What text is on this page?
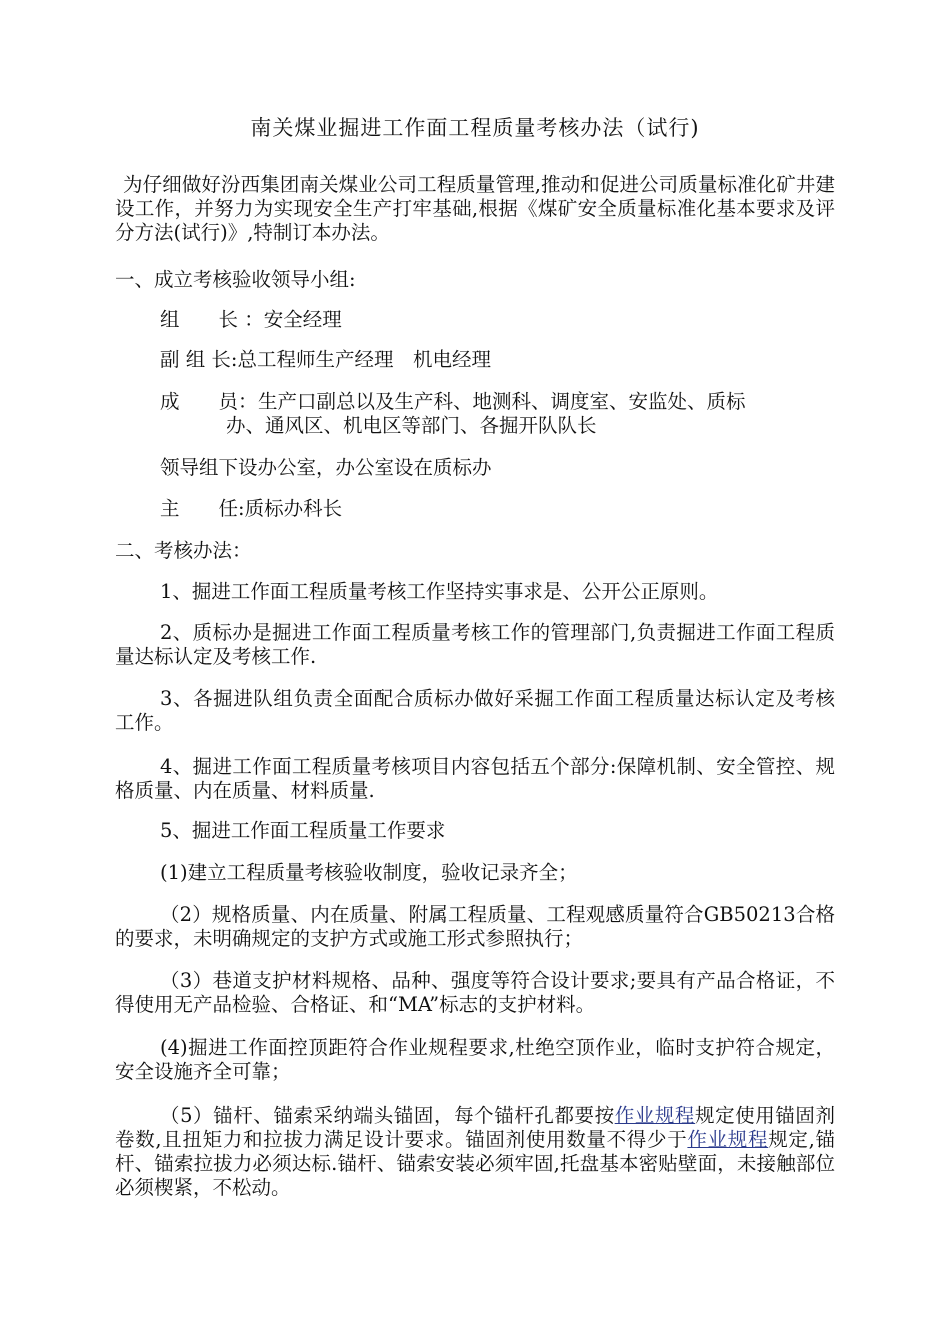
南关煤业掘进工作面工程质量考核办法（试行)
为仔细做好汾西集团南关煤业公司工程质量管理,推动和促进公司质量标准化矿井建设工作，并努力为实现安全生产打牢基础,根据《煤矿安全质量标准化基本要求及评分方法(试行)》,特制订本办法。
一、成立考核验收领导小组:
组　　长 ：安全经理
副 组 长:总工程师生产经理　机电经理
成　　员： 生产口副总以及生产科、地测科、调度室、安监处、质标
办、通风区、机电区等部门、各掘开队队长
领导组下设办公室，办公室设在质标办
主　　任:质标办科长
二、考核办法：
1、掘进工作面工程质量考核工作坚持实事求是、公开公正原则。
2、质标办是掘进工作面工程质量考核工作的管理部门,负责掘进工作面工程质量达标认定及考核工作.
3、各掘进队组负责全面配合质标办做好采掘工作面工程质量达标认定及考核工作。
4、掘进工作面工程质量考核项目内容包括五个部分:保障机制、安全管控、规格质量、内在质量、材料质量.
5、掘进工作面工程质量工作要求
(1)建立工程质量考核验收制度，验收记录齐全；
（2）规格质量、内在质量、附属工程质量、工程观感质量符合GB50213合格的要求，未明确规定的支护方式或施工形式参照执行；
（3）巷道支护材料规格、品种、强度等符合设计要求;要具有产品合格证，不得使用无产品检验、合格证、和“MA”标志的支护材料。
(4)掘进工作面控顶距符合作业规程要求,杜绝空顶作业，临时支护符合规定，安全设施齐全可靠；
（5）锚杆、锚索采纳端头锚固，每个锚杆孔都要按作业规程规定使用锚固剂卷数,且扭矩力和拉拔力满足设计要求。锚固剂使用数量不得少于作业规程规定,锚杆、锚索拉拔力必须达标.锚杆、锚索安装必须牢固,托盘基本密贴壁面，未接触部位必须楔紧，不松动。
